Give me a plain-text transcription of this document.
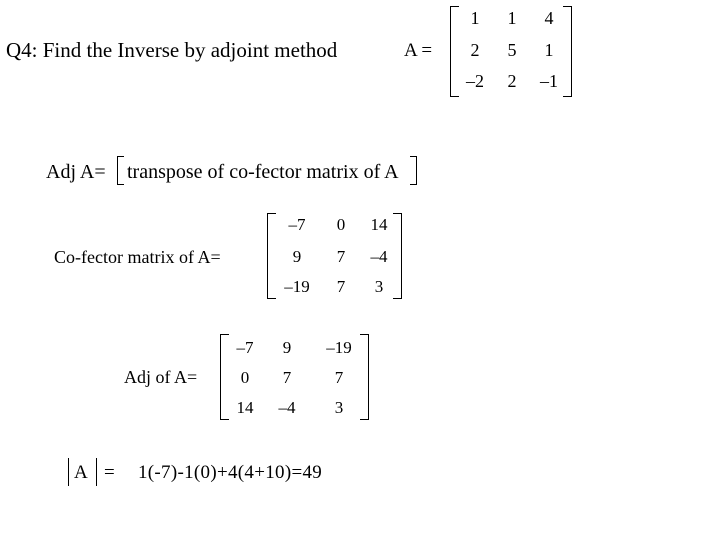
Q4: Find the Inverse by adjoint method	A =
1	1	4
2	5	1
–2	2	–1
Adj A= transpose of co-fector matrix of A
Co-fector matrix of A=
–7	0	14
9	7	–4
–19	7	3
Adj of A=
–7	9	–19
0	7	7
14	–4	3
A = 1(-7)-1(0)+4(4+10)=49
